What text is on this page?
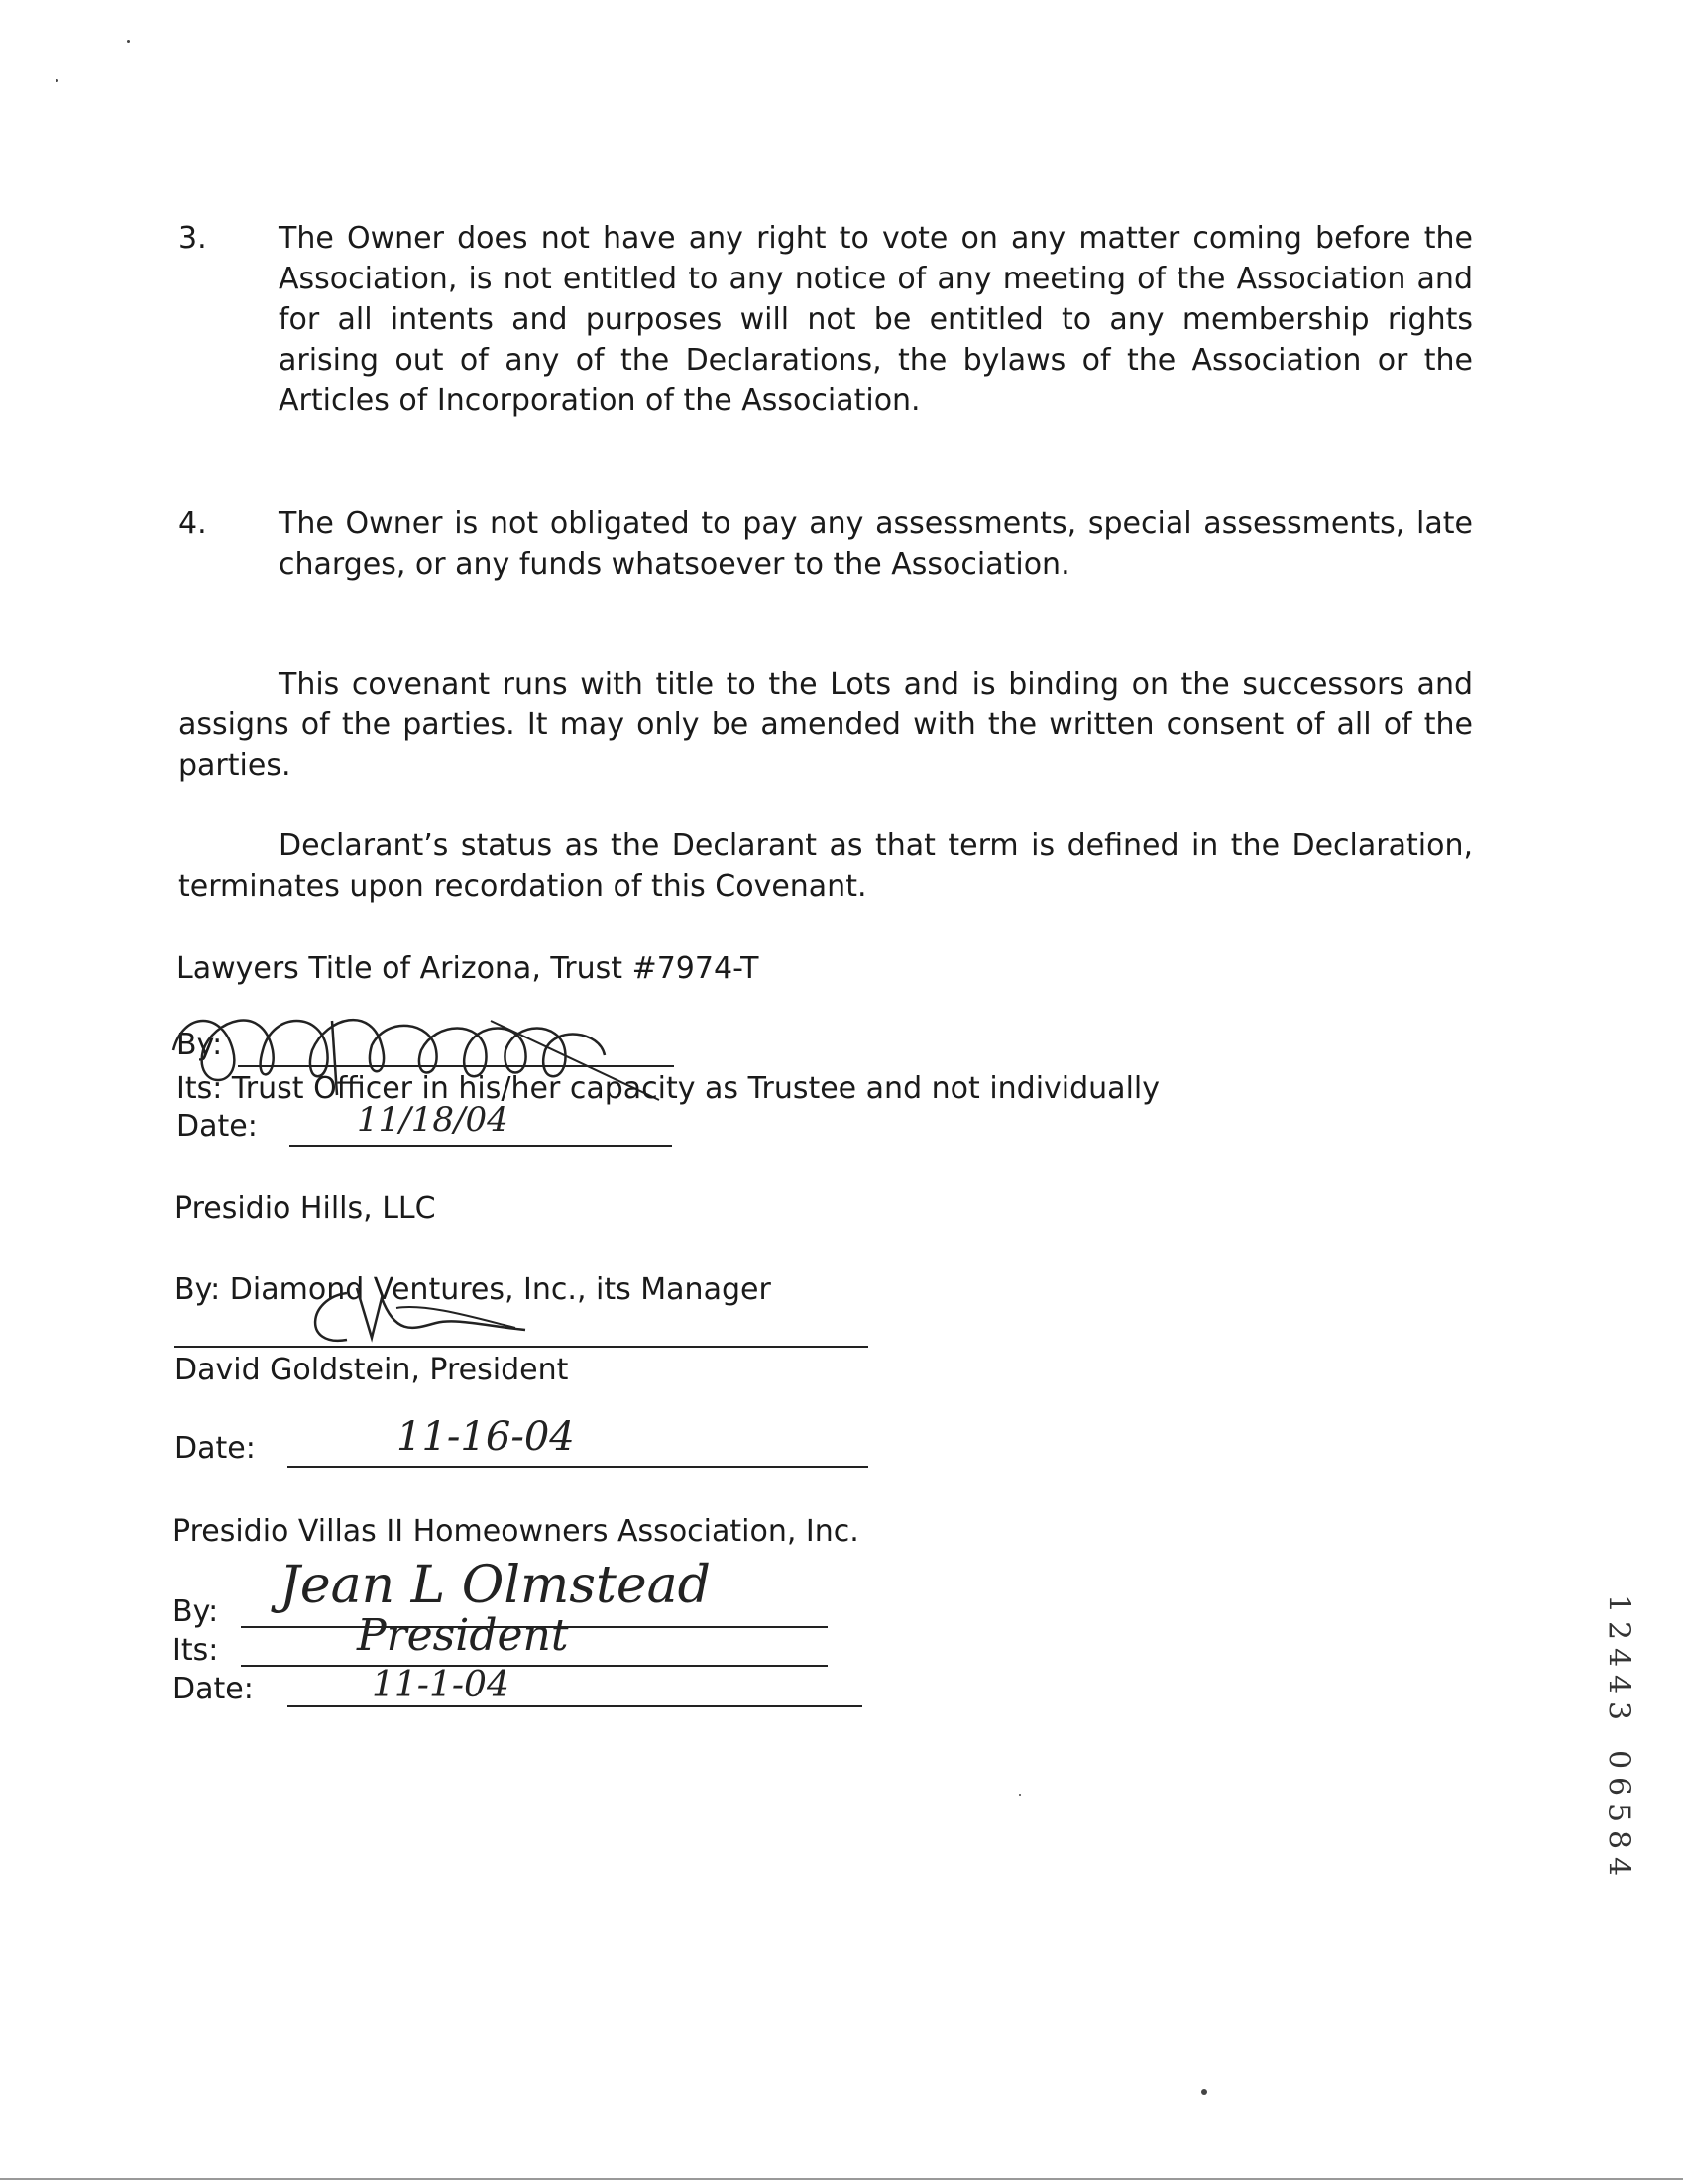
3. The Owner does not have any right to vote on any matter coming before the Association, is not entitled to any notice of any meeting of the Association and for all intents and purposes will not be entitled to any membership rights arising out of any of the Declarations, the bylaws of the Association or the Articles of Incorporation of the Association.
4. The Owner is not obligated to pay any assessments, special assessments, late charges, or any funds whatsoever to the Association.
This covenant runs with title to the Lots and is binding on the successors and assigns of the parties. It may only be amended with the written consent of all of the parties.
Declarant’s status as the Declarant as that term is defined in the Declaration, terminates upon recordation of this Covenant.
Lawyers Title of Arizona, Trust #7974-T
By:
Its: Trust Officer in his/her capacity as Trustee and not individually
Date:	11/18/04
Presidio Hills, LLC
By: Diamond Ventures, Inc., its Manager
David Goldstein, President
Date:	11-16-04
Presidio Villas II Homeowners Association, Inc.
By: Jean L Olmstead
Its:	President
Date:	11-1-04
1
2
4
4
3
0
6
5
8
4
